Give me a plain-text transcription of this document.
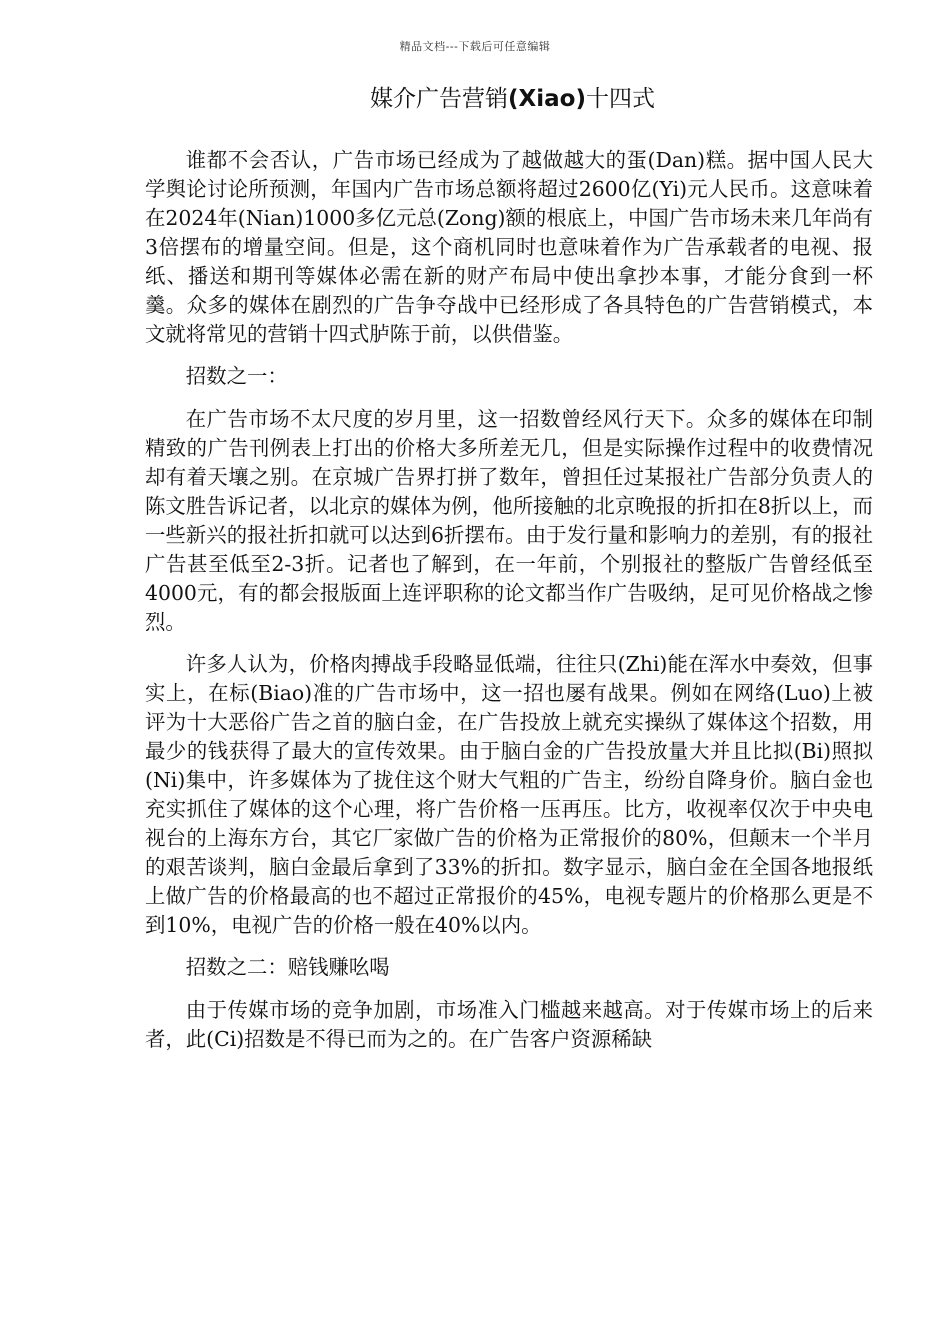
精品文档---下载后可任意编辑
媒介广告营销(Xiao)十四式

谁都不会否认，广告市场已经成为了越做越大的蛋(Dan)糕。据中国人民大学舆论讨论所预测，年国内广告市场总额将超过2600亿(Yi)元人民币。这意味着在2024年(Nian)1000多亿元总(Zong)额的根底上，中国广告市场未来几年尚有3倍摆布的增量空间。但是，这个商机同时也意味着作为广告承载者的电视、报纸、播送和期刊等媒体必需在新的财产布局中使出拿抄本事，才能分食到一杯羹。众多的媒体在剧烈的广告争夺战中已经形成了各具特色的广告营销模式，本文就将常见的营销十四式胪陈于前，以供借鉴。

招数之一：

在广告市场不太尺度的岁月里，这一招数曾经风行天下。众多的媒体在印制精致的广告刊例表上打出的价格大多所差无几，但是实际操作过程中的收费情况却有着天壤之别。在京城广告界打拼了数年，曾担任过某报社广告部分负责人的陈文胜告诉记者，以北京的媒体为例，他所接触的北京晚报的折扣在8折以上，而一些新兴的报社折扣就可以达到6折摆布。由于发行量和影响力的差别，有的报社广告甚至低至2-3折。记者也了解到，在一年前，个别报社的整版广告曾经低至4000元，有的都会报版面上连评职称的论文都当作广告吸纳，足可见价格战之惨烈。

许多人认为，价格肉搏战手段略显低端，往往只(Zhi)能在浑水中奏效，但事实上，在标(Biao)准的广告市场中，这一招也屡有战果。例如在网络(Luo)上被评为十大恶俗广告之首的脑白金，在广告投放上就充实操纵了媒体这个招数，用最少的钱获得了最大的宣传效果。由于脑白金的广告投放量大并且比拟(Bi)照拟(Ni)集中，许多媒体为了拢住这个财大气粗的广告主，纷纷自降身价。脑白金也充实抓住了媒体的这个心理，将广告价格一压再压。比方，收视率仅次于中央电视台的上海东方台，其它厂家做广告的价格为正常报价的80%，但颠末一个半月的艰苦谈判，脑白金最后拿到了33%的折扣。数字显示，脑白金在全国各地报纸上做广告的价格最高的也不超过正常报价的45%，电视专题片的价格那么更是不到10%，电视广告的价格一般在40%以内。

招数之二：赔钱赚吆喝

由于传媒市场的竞争加剧，市场准入门槛越来越高。对于传媒市场上的后来者，此(Ci)招数是不得已而为之的。在广告客户资源稀缺
